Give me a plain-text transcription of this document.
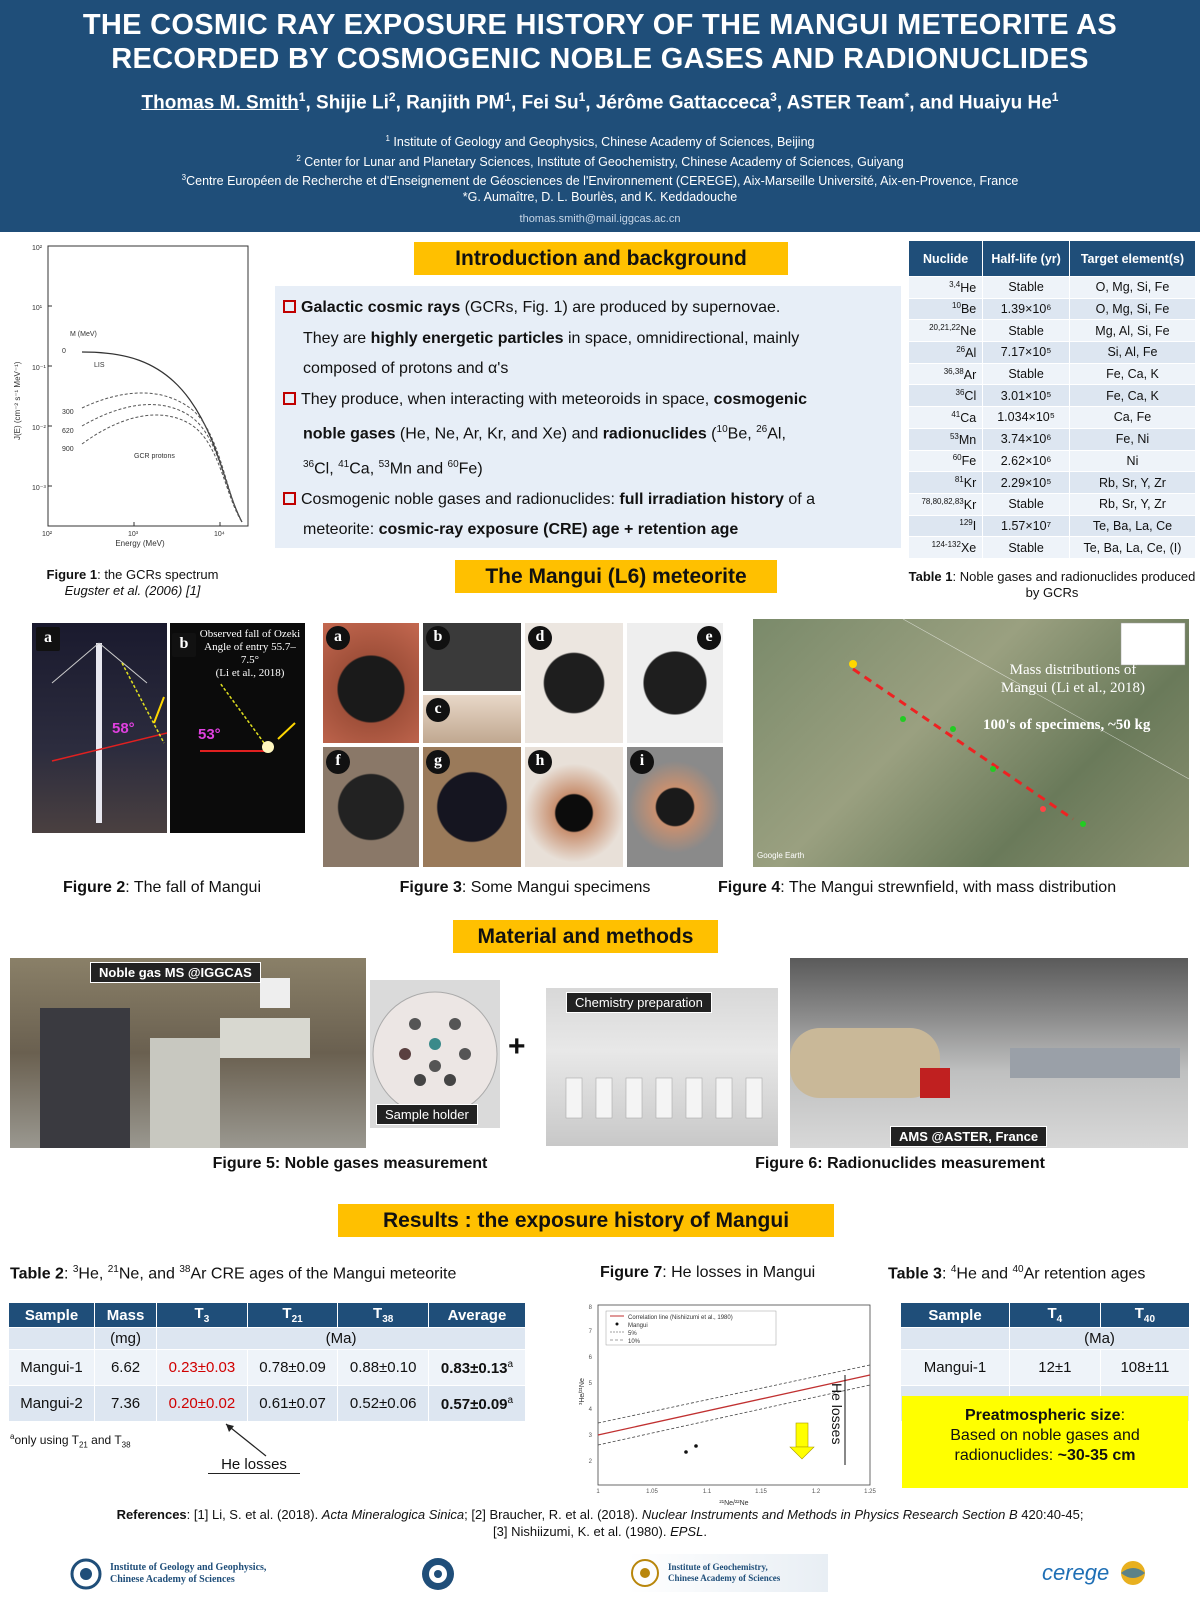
THE COSMIC RAY EXPOSURE HISTORY OF THE MANGUI METEORITE AS
RECORDED BY COSMOGENIC NOBLE GASES AND RADIONUCLIDES
Thomas M. Smith$^1$, Shijie Li$^2$, Ranjith $PM^1$, Fei Su$^1$, Jérôme Gattacceca$^3$, ASTER Team*, and Huaiyu He$^1$
$^1$ Institute of Geology and Geophysics, Chinese Academy of Sciences, Beijing
$^2$ Center for Lunar and Planetary Sciences, Institute of Geochemistry, Chinese Academy of Sciences, Guiyang
$^3$Centre Européen de Recherche et d'Enseignement de Géosciences de l'Environnement (CEREGE), Aix-Marseille Université, Aix-en-Provence, France
*G. Aumaître, D. L. Bourlès, and K. Keddadouche
thomas.smith@mail.iggcas.ac.cn
10²
10¹
10⁻¹
10⁻²
10⁻³
10²	10³	10⁴
J(E) (cm⁻² s⁻¹ MeV⁻¹)
Energy (MeV)
M (MeV)
0
300
620
900
LIS
GCR protons
Figure 1: the GCRs spectrum
Eugster et al. (2006) [1]
Introduction and background
Galactic cosmic rays (GCRs, Fig. 1) are produced by supernovae.
They are highly energetic particles in space, omnidirectional, mainly
composed of protons and α's
They produce, when interacting with meteoroids in space, cosmogenic
noble gases (He, Ne, Ar, Kr, and Xe) and radionuclides ($^{10}$Be, $^{26}$Al,
$^{36}$Cl, $^{41}$Ca, $^{53}$Mn and $^{60}$Fe)
Cosmogenic noble gases and radionuclides: full irradiation history of a
meteorite: cosmic-ray exposure (CRE) age + retention age
Nuclide	Half-life (yr)	Target element(s)
$^{3,4}$He	Stable	O, Mg, Si, Fe
$^{10}$Be	1.39×10⁶	O, Mg, Si, Fe
$^{20,21,22}$Ne	Stable	Mg, Al, Si, Fe
$^{26}$Al	7.17×10⁵	Si, Al, Fe
$^{36,38}$Ar	Stable	Fe, Ca, K
$^{36}$Cl	3.01×10⁵	Fe, Ca, K
$^{41}$Ca	1.034×10⁵	Ca, Fe
$^{53}$Mn	3.74×10⁶	Fe, Ni
$^{60}$Fe	2.62×10⁶	Ni
$^{81}$Kr	2.29×10⁵	Rb, Sr, Y, Zr
$^{78,80,82,83}$Kr	Stable	Rb, Sr, Y, Zr
$^{129}$I	1.57×10⁷	Te, Ba, La, Ce
$^{124-132}$Xe	Stable	Te, Ba, La, Ce, (I)
Table 1: Noble gases and radionuclides produced by GCRs
The Mangui (L6) meteorite
58°
a	Observed fall of Ozeki
Angle of entry 55.7–7.5°
(Li et al., 2018)
53°
b
Figure 2: The fall of Mangui
a	b
c
d	e
f	g	h	i
Figure 3: Some Mangui specimens
Mass distributions of
Mangui (Li et al., 2018)
100's of specimens, ~50 kg
Google Earth
Figure 4: The Mangui strewnfield, with mass distribution
Material and methods
Noble gas MS @IGGCAS
Sample holder
+
Figure 5: Noble gases measurement
Chemistry preparation
AMS @ASTER, France
Figure 6: Radionuclides measurement
Results : the exposure history of Mangui
Table 2: $^3$He, $^{21}$Ne, and $^{38}$Ar CRE ages of the Mangui meteorite
Sample	Mass	$T_3$	$T_{21}$	$T_{38}$	Average
	(mg)	(Ma)			
Mangui-1	6.62	0.23±0.03	0.78±0.09	0.88±0.10	0.83±0.13$^a$
Mangui-2	7.36	0.20±0.02	0.61±0.07	0.52±0.06	0.57±0.09$^a$
$^a$only using $T_{21}$ and $T_{38}$
He losses
Figure 7: He losses in Mangui
Correlation line (Nishiizumi et al., 1980)
Mangui
5%
10%
He losses
³He/²¹Ne
²¹Ne/²²Ne
1	1.05	1.1	1.15	1.2	1.25
2
3
4
5
6
7
8
Table 3: $^4$He and $^{40}$Ar retention ages
Sample	$T_4$	$T_{40}$
	(Ma)	
Mangui-1	12±1	108±11

Preatmospheric size:
Based on noble gases and
radionuclides: ~30-35 cm
References: [1] Li, S. et al. (2018). Acta Mineralogica Sinica; [2] Braucher, R. et al. (2018). Nuclear Instruments and Methods in Physics Research Section B 420:40-45;
[3] Nishiizumi, K. et al. (1980). EPSL.
Institute of Geology and Geophysics,
Chinese Academy of Sciences
Institute of Geochemistry,
Chinese Academy of Sciences	cerege
